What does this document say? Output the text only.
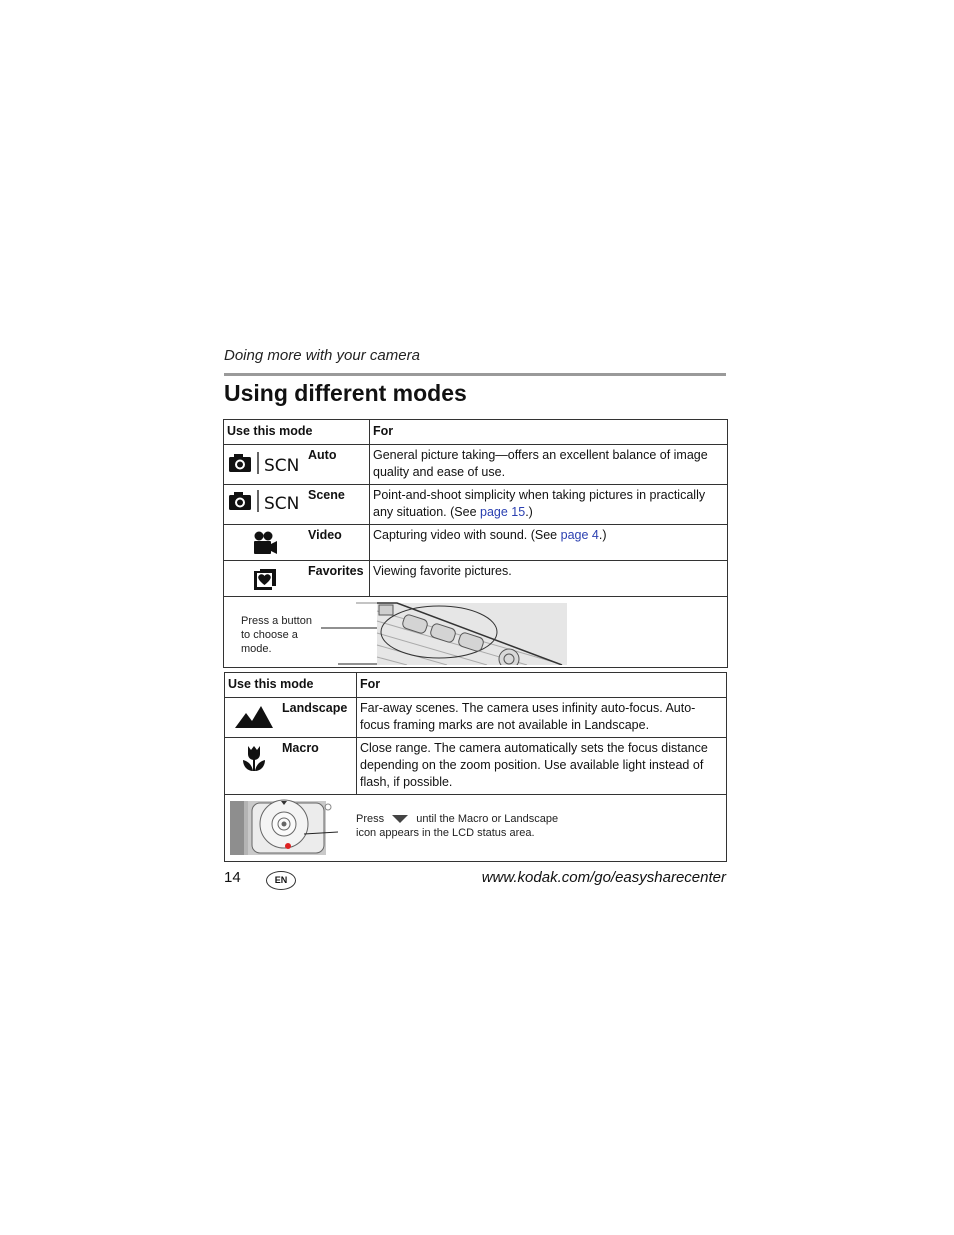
Doing more with your camera
Using different modes
Use this mode	For

SCN
Auto	General picture taking—offers an excellent balance of image quality and ease of use.

SCN Scene	Point-and-shoot simplicity when taking pictures in practically any situation. (See page 15.)

Video	Capturing video with sound. (See page 4.)

Favorites	Viewing favorite pictures.

Press a button to choose a mode.	
Use this mode	For

Landscape	Far-away scenes. The camera uses infinity auto-focus. Auto-focus framing marks are not available in Landscape.

Macro	Close range. The camera automatically sets the focus distance depending on the zoom position. Use available light instead of flash, if possible.

Press until the Macro or Landscape icon appears in the LCD status area.	
14	EN	www.kodak.com/go/easysharecenter
